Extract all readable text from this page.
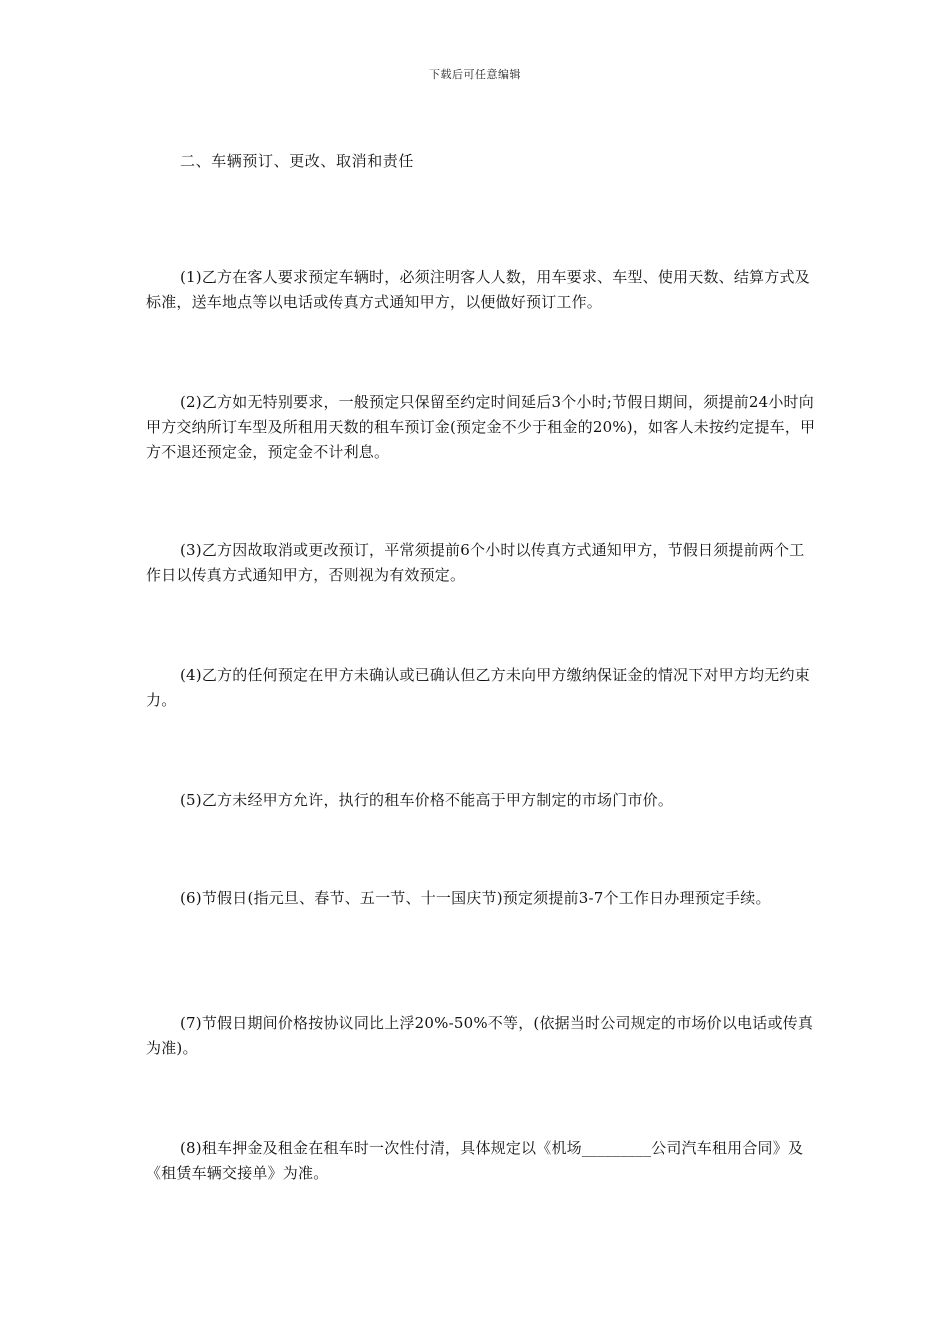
下载后可任意编辑
二、车辆预订、更改、取消和责任

(1)乙方在客人要求预定车辆时，必须注明客人人数，用车要求、车型、使用天数、结算方式及标准，送车地点等以电话或传真方式通知甲方，以便做好预订工作。

(2)乙方如无特别要求，一般预定只保留至约定时间延后3个小时;节假日期间，须提前24小时向甲方交纳所订车型及所租用天数的租车预订金(预定金不少于租金的20%)，如客人未按约定提车，甲方不退还预定金，预定金不计利息。

(3)乙方因故取消或更改预订，平常须提前6个小时以传真方式通知甲方，节假日须提前两个工作日以传真方式通知甲方，否则视为有效预定。

(4)乙方的任何预定在甲方未确认或已确认但乙方未向甲方缴纳保证金的情况下对甲方均无约束力。

(5)乙方未经甲方允许，执行的租车价格不能高于甲方制定的市场门市价。

(6)节假日(指元旦、春节、五一节、十一国庆节)预定须提前3-7个工作日办理预定手续。

(7)节假日期间价格按协议同比上浮20%-50%不等，(依据当时公司规定的市场价以电话或传真为准)。

(8)租车押金及租金在租车时一次性付清，具体规定以《机场_________公司汽车租用合同》及《租赁车辆交接单》为准。
